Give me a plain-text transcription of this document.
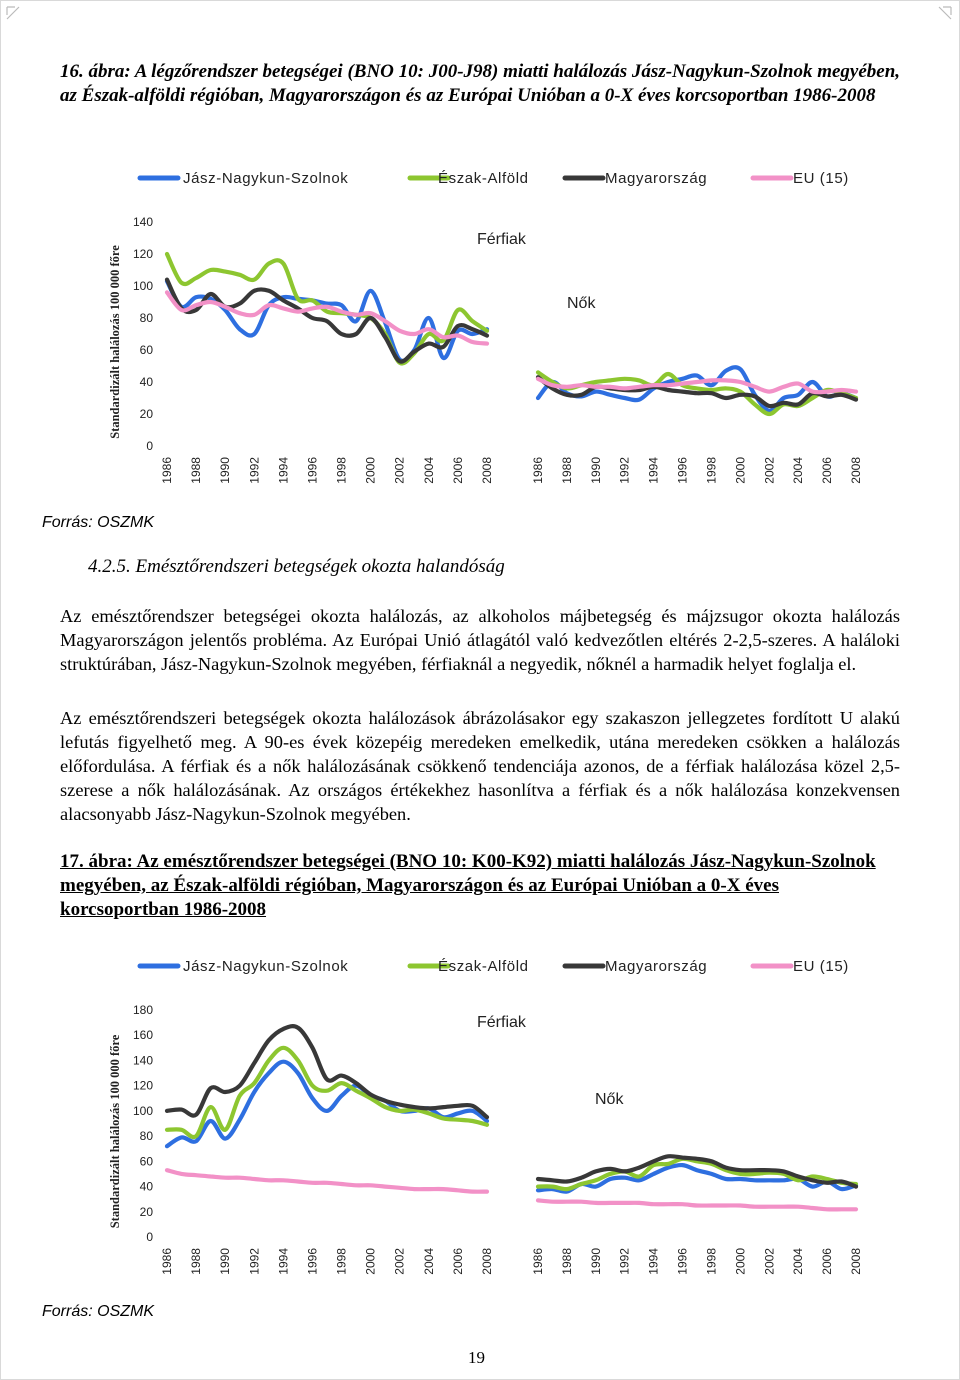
16. ábra: A légzőrendszer betegségei (BNO 10: J00-J98) miatti halálozás Jász-Nagykun-Szolnok megyében, az Észak-alföldi régióban, Magyarországon és az Európai Unióban a 0-X éves korcsoportban 1986-2008

Jász-Nagykun-Szolnok	Észak-Alföld	Magyarország	EU (15)
Standardizált halálozás 100 000 főre
0
20
40
60
80
100
120
140
1986 1988 1990 1992 1994 1996 1998 2000 2002 2004 2006 2008	1986 1988 1990 1992 1994 1996 1998 2000 2002 2004 2006 2008
Férfiak
Nők
Forrás: OSZMK
4.2.5. Emésztőrendszeri betegségek okozta halandóság

Az emésztőrendszer betegségei okozta halálozás, az alkoholos májbetegség és májzsugor okozta halálozás Magyarországon jelentős probléma. Az Európai Unió átlagától való kedvezőtlen eltérés 2-2,5-szeres. A haláloki struktúrában, Jász-Nagykun-Szolnok megyében, férfiaknál a negyedik, nőknél a harmadik helyet foglalja el.

Az emésztőrendszeri betegségek okozta halálozások ábrázolásakor egy szakaszon jellegzetes fordított U alakú lefutás figyelhető meg. A 90-es évek közepéig meredeken emelkedik, utána meredeken csökken a halálozás előfordulása. A férfiak és a nők halálozásának csökkenő tendenciája azonos, de a férfiak halálozása közel 2,5-szerese a nők halálozásának. Az országos értékekhez hasonlítva a férfiak és a nők halálozása konzekvensen alacsonyabb Jász-Nagykun-Szolnok megyében.

17. ábra: Az emésztőrendszer betegségei (BNO 10: K00-K92) miatti halálozás Jász-Nagykun-Szolnok megyében, az Észak-alföldi régióban, Magyarországon és az Európai Unióban a 0-X éves korcsoportban 1986-2008

Jász-Nagykun-Szolnok	Észak-Alföld	Magyarország	EU (15)
Standardizált halálozás 100 000 főre
0
20
40
60
80
100
120
140
160
180
1986 1988 1990 1992 1994 1996 1998 2000 2002 2004 2006 2008	1986 1988 1990 1992 1994 1996 1998 2000 2002 2004 2006 2008
Férfiak
Nők
Forrás: OSZMK
19
